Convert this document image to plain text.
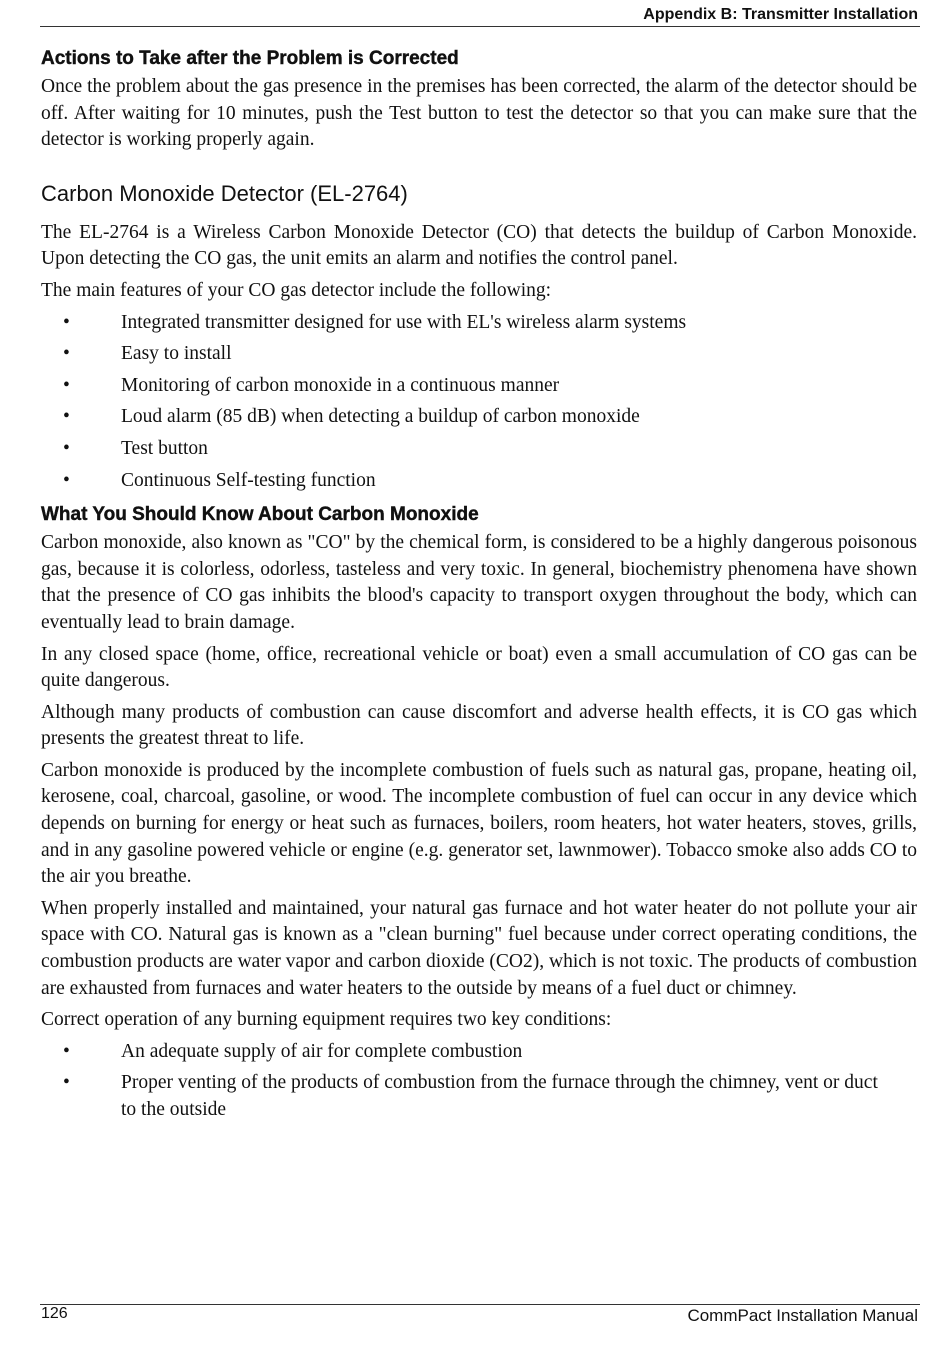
Appendix B: Transmitter Installation
Actions to Take after the Problem is Corrected

Once the problem about the gas presence in the premises has been corrected, the alarm of the detector should be off. After waiting for 10 minutes, push the Test button to test the detector so that you can make sure that the detector is working properly again.

Carbon Monoxide Detector (EL-2764)

The EL-2764 is a Wireless Carbon Monoxide Detector (CO) that detects the buildup of Carbon Monoxide. Upon detecting the CO gas, the unit emits an alarm and notifies the control panel.

The main features of your CO gas detector include the following:

•	Integrated transmitter designed for use with EL's wireless alarm systems
•	Easy to install
•	Monitoring of carbon monoxide in a continuous manner
•	Loud alarm (85 dB) when detecting a buildup of carbon monoxide
•	Test button
•	Continuous Self-testing function
What You Should Know About Carbon Monoxide

Carbon monoxide, also known as "CO" by the chemical form, is considered to be a highly dangerous poisonous gas, because it is colorless, odorless, tasteless and very toxic. In general, biochemistry phenomena have shown that the presence of CO gas inhibits the blood's capacity to transport oxygen throughout the body, which can eventually lead to brain damage.

In any closed space (home, office, recreational vehicle or boat) even a small accumulation of CO gas can be quite dangerous.

Although many products of combustion can cause discomfort and adverse health effects, it is CO gas which presents the greatest threat to life.

Carbon monoxide is produced by the incomplete combustion of fuels such as natural gas, propane, heating oil, kerosene, coal, charcoal, gasoline, or wood. The incomplete combustion of fuel can occur in any device which depends on burning for energy or heat such as furnaces, boilers, room heaters, hot water heaters, stoves, grills, and in any gasoline powered vehicle or engine (e.g. generator set, lawnmower). Tobacco smoke also adds CO to the air you breathe.

When properly installed and maintained, your natural gas furnace and hot water heater do not pollute your air space with CO. Natural gas is known as a "clean burning" fuel because under correct operating conditions, the combustion products are water vapor and carbon dioxide (CO2), which is not toxic. The products of combustion are exhausted from furnaces and water heaters to the outside by means of a fuel duct or chimney.

Correct operation of any burning equipment requires two key conditions:

•	An adequate supply of air for complete combustion
•	Proper venting of the products of combustion from the furnace through the chimney, vent or duct to the outside
126	CommPact Installation Manual
